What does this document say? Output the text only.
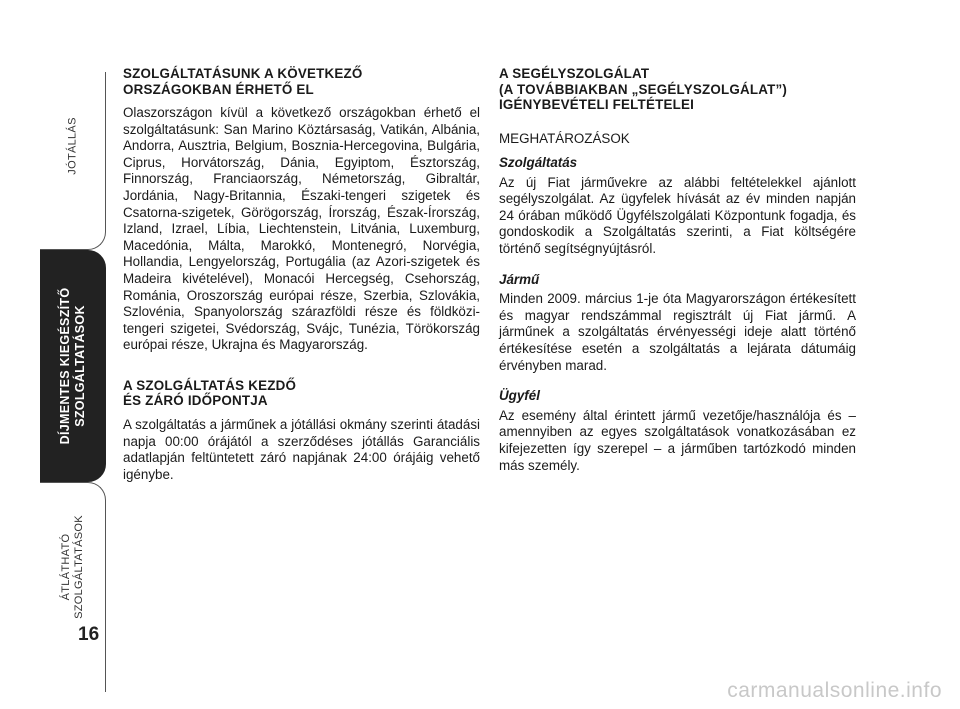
JÓTÁLLÁS
DÍJMENTES KIEGÉSZÍTŐ SZOLGÁLTATÁSOK
ÁTLÁTHATÓ SZOLGÁLTATÁSOK
16
SZOLGÁLTATÁSUNK A KÖVETKEZŐ
ORSZÁGOKBAN ÉRHETŐ EL

Olaszországon kívül a következő országokban érhető el szolgáltatásunk: San Marino Köztársaság, Vatikán, Albánia, Andorra, Ausztria, Belgium, Bosznia-Hercegovina, Bulgária, Ciprus, Horvátország, Dánia, Egyiptom, Észtország, Finnország, Franciaország, Németország, Gibraltár, Jordánia, Nagy-Britannia, Északi-tengeri szigetek és Csatorna-szigetek, Görögország, Írország, Észak-Írország, Izland, Izrael, Líbia, Liechtenstein, Litvánia, Luxemburg, Macedónia, Málta, Marokkó, Montenegró, Norvégia, Hollandia, Lengyelország, Portugália (az Azori-szigetek és Madeira kivételével), Monacói Hercegség, Csehország, Románia, Oroszország európai része, Szerbia, Szlovákia, Szlovénia, Spanyolország szárazföldi része és földközi-tengeri szigetei, Svédország, Svájc, Tunézia, Törökország európai része, Ukrajna és Magyarország.

A SZOLGÁLTATÁS KEZDŐ
ÉS ZÁRÓ IDŐPONTJA

A szolgáltatás a járműnek a jótállási okmány szerinti átadási napja 00:00 órájától a szerződéses jótállás Garanciális adatlapján feltüntetett záró napjának 24:00 órájáig vehető igénybe.

A SEGÉLYSZOLGÁLAT
(A TOVÁBBIAKBAN „SEGÉLYSZOLGÁLAT”)
IGÉNYBEVÉTELI FELTÉTELEI
MEGHATÁROZÁSOK
Szolgáltatás

Az új Fiat járművekre az alábbi feltételekkel ajánlott segélyszolgálat. Az ügyfelek hívását az év minden napján 24 órában működő Ügyfélszolgálati Központunk fogadja, és gondoskodik a Szolgáltatás szerinti, a Fiat költségére történő segítségnyújtásról.

Jármű

Minden 2009. március 1-je óta Magyarországon értékesített és magyar rendszámmal regisztrált új Fiat jármű. A járműnek a szolgáltatás érvényességi ideje alatt történő értékesítése esetén a szolgáltatás a lejárata dátumáig érvényben marad.

Ügyfél

Az esemény által érintett jármű vezetője/használója és – amennyiben az egyes szolgáltatások vonatkozásában ez kifejezetten így szerepel – a járműben tartózkodó minden más személy.

carmanualsonline.info
